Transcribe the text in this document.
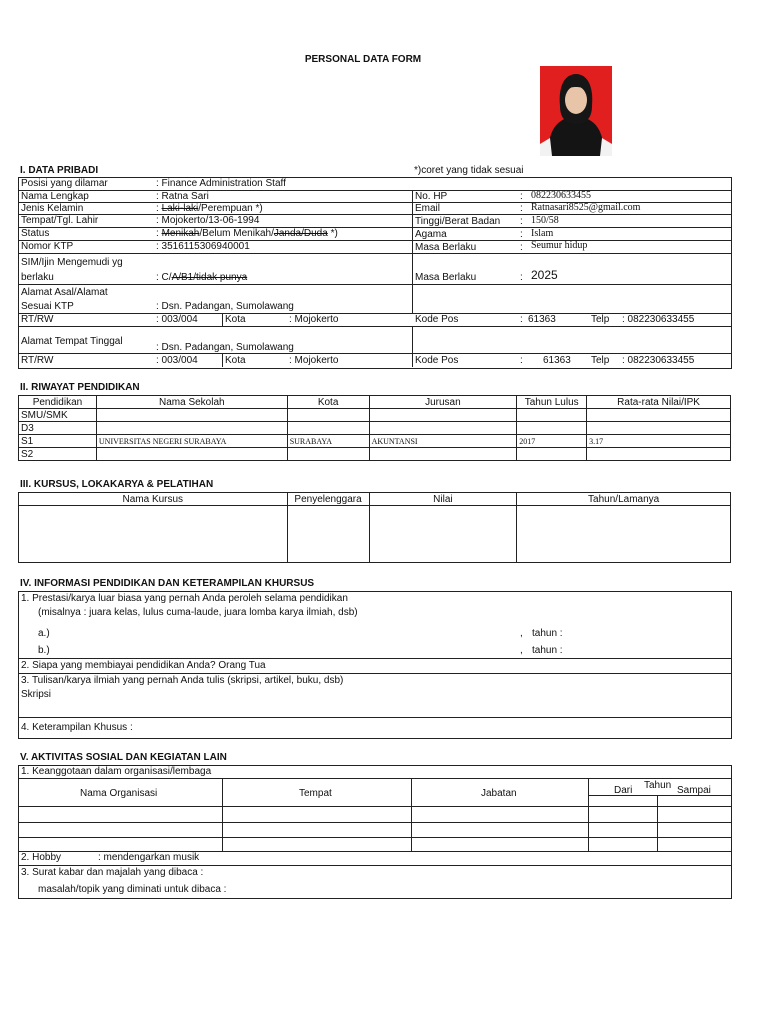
PERSONAL DATA FORM
I. DATA PRIBADI	*)coret yang tidak sesuai
Posisi yang dilamar	: Finance Administration Staff
Nama Lengkap	: Ratna Sari	No. HP	: 082230633455
Jenis Kelamin	: Laki-laki/Perempuan *)	Email	: Ratnasari8525@gmail.com
Tempat/Tgl. Lahir	: Mojokerto/13-06-1994	Tinggi/Berat Badan : 150/58
Status	: Menikah/Belum Menikah/Janda/Duda *)	Agama	: Islam
Nomor KTP	: 3516115306940001	Masa Berlaku	: Seumur hidup
SIM/Ijin Mengemudi yg
berlaku	: C/A/B1/tidak punya	Masa Berlaku	: 2025
Alamat Asal/Alamat
Sesuai KTP	: Dsn. Padangan, Sumolawang
RT/RW	: 003/004	Kota	: Mojokerto	Kode Pos	: 61363	Telp : 082230633455
Alamat Tempat Tinggal
: Dsn. Padangan, Sumolawang
RT/RW	: 003/004	Kota	: Mojokerto	Kode Pos	: 61363 Telp : 082230633455
II. RIWAYAT PENDIDIKAN
Pendidikan	Nama Sekolah	Kota	Jurusan	Tahun Lulus	Rata-rata Nilai/IPK
SMU/SMK					
D3					
S1	UNIVERSITAS NEGERI SURABAYA	SURABAYA	AKUNTANSI	2017	3.17
S2					
III. KURSUS, LOKAKARYA & PELATIHAN
Nama Kursus	Penyelenggara	Nilai	Tahun/Lamanya

IV. INFORMASI PENDIDIKAN DAN KETERAMPILAN KHURSUS
1. Prestasi/karya luar biasa yang pernah Anda peroleh selama pendidikan
(misalnya : juara kelas, lulus cuma-laude, juara lomba karya ilmiah, dsb)
a.)	, tahun :
b.)	, tahun :
2. Siapa yang membiayai pendidikan Anda? Orang Tua
3. Tulisan/karya ilmiah yang pernah Anda tulis (skripsi, artikel, buku, dsb)
Skripsi
4. Keterampilan Khusus :
V. AKTIVITAS SOSIAL DAN KEGIATAN LAIN
1. Keanggotaan dalam organisasi/lembaga
Nama Organisasi	Tempat	Jabatan
Tahun
Dari	Sampai
2. Hobby	: mendengarkan musik
3. Surat kabar dan majalah yang dibaca :
masalah/topik yang diminati untuk dibaca :
